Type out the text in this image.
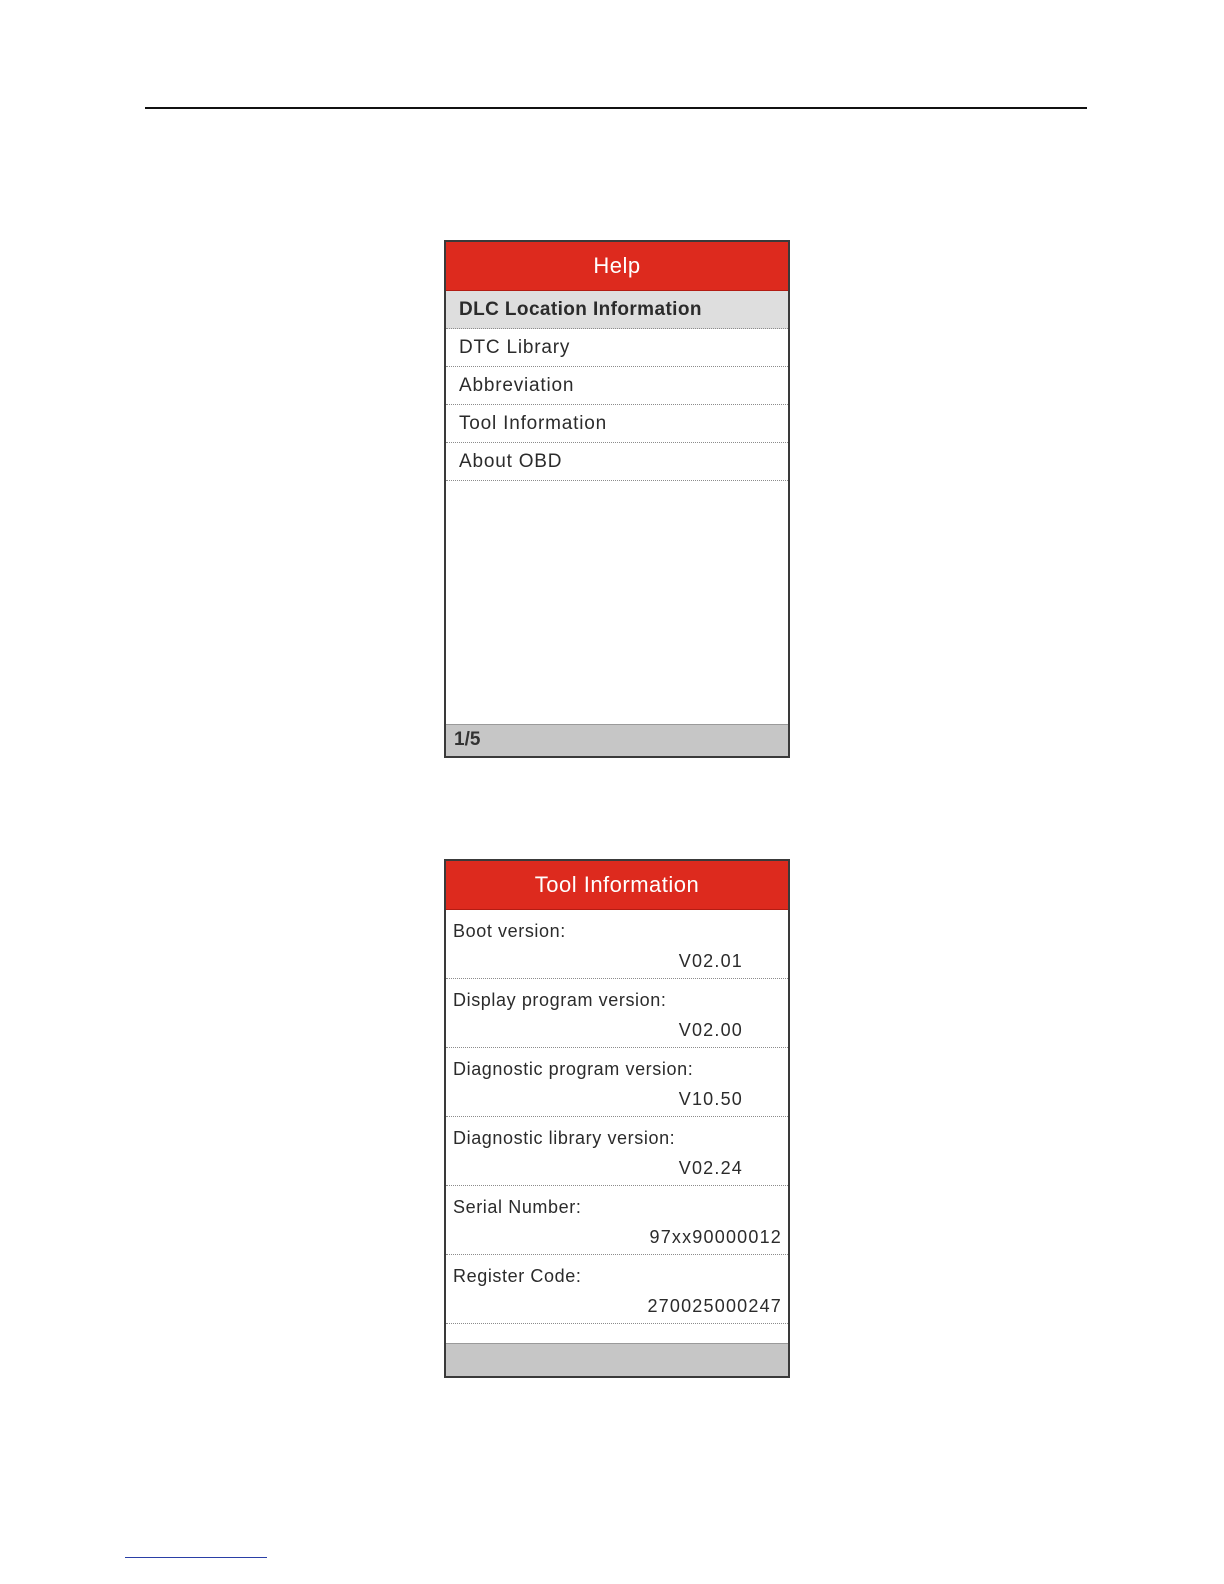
Help
DLC Location Information
DTC Library
Abbreviation
Tool Information
About OBD
1/5
Tool Information
Boot version:
V02.01
Display program version:
V02.00
Diagnostic program version:
V10.50
Diagnostic library version:
V02.24
Serial Number:
97xx90000012
Register Code:
270025000247
